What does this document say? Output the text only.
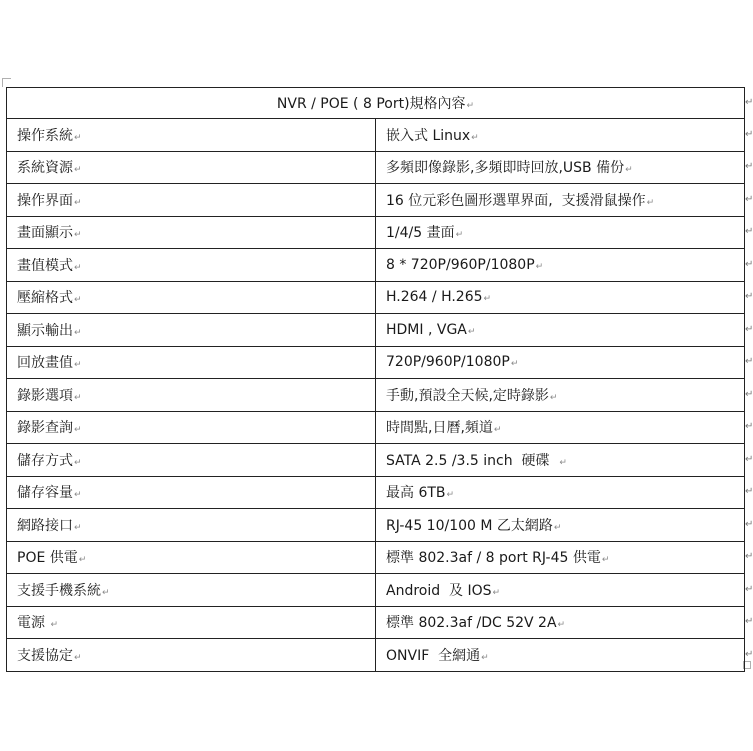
NVR / POE ( 8 Port)規格內容↵	
操作系統↵	嵌入式 Linux↵
系統資源↵	多頻即像錄影,多頻即時回放,USB 備份↵
操作界面↵	16 位元彩色圖形選單界面,  支援滑鼠操作↵
畫面顯示↵	1/4/5 畫面↵
畫值模式↵	8 * 720P/960P/1080P↵
壓縮格式↵	H.264 / H.265↵
顯示輸出↵	HDMI , VGA↵
回放畫值↵	720P/960P/1080P↵
錄影選項↵	手動,預設全天候,定時錄影↵
錄影查詢↵	時間點,日曆,頻道↵
儲存方式↵	SATA 2.5 /3.5 inch  硬碟  ↵
儲存容量↵	最高 6TB↵
網路接口↵	RJ-45 10/100 M 乙太網路↵
POE 供電↵	標準 802.3af / 8 port RJ-45 供電↵
支援手機系統↵	Android  及 IOS↵
電源 ↵	標準 802.3af /DC 52V 2A↵
支援協定↵	ONVIF  全網通↵
↵
↵
↵
↵
↵
↵
↵
↵
↵
↵
↵
↵
↵
↵
↵
↵
↵
↵
